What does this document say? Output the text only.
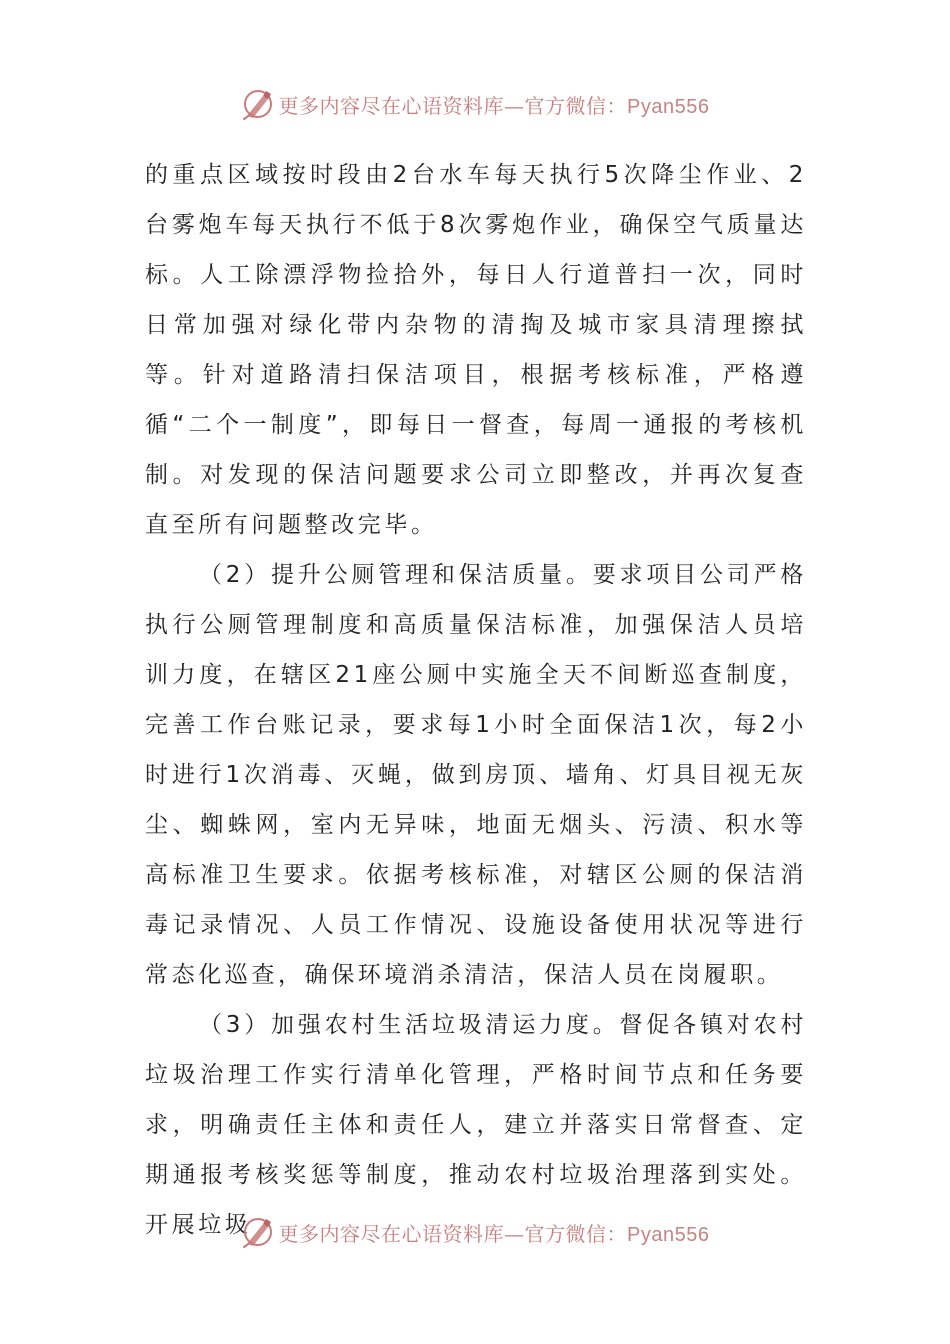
更多内容尽在心语资料库—官方微信：Pyan556

的重点区域按时段由2台水车每天执行5次降尘作业、2台雾炮车每天执行不低于8次雾炮作业，确保空气质量达标。人工除漂浮物捡拾外，每日人行道普扫一次，同时日常加强对绿化带内杂物的清掏及城市家具清理擦拭等。针对道路清扫保洁项目，根据考核标准，严格遵循“二个一制度”，即每日一督查，每周一通报的考核机制。对发现的保洁问题要求公司立即整改，并再次复查直至所有问题整改完毕。

（2）提升公厕管理和保洁质量。要求项目公司严格执行公厕管理制度和高质量保洁标准，加强保洁人员培训力度，在辖区21座公厕中实施全天不间断巡查制度，完善工作台账记录，要求每1小时全面保洁1次，每2小时进行1次消毒、灭蝇，做到房顶、墙角、灯具目视无灰尘、蜘蛛网，室内无异味，地面无烟头、污渍、积水等高标准卫生要求。依据考核标准，对辖区公厕的保洁消毒记录情况、人员工作情况、设施设备使用状况等进行常态化巡查，确保环境消杀清洁，保洁人员在岗履职。

（3）加强农村生活垃圾清运力度。督促各镇对农村垃圾治理工作实行清单化管理，严格时间节点和任务要求，明确责任主体和责任人，建立并落实日常督查、定期通报考核奖惩等制度，推动农村垃圾治理落到实处。开展垃圾	更多内容尽在心语资料库—官方微信：Pyan556
